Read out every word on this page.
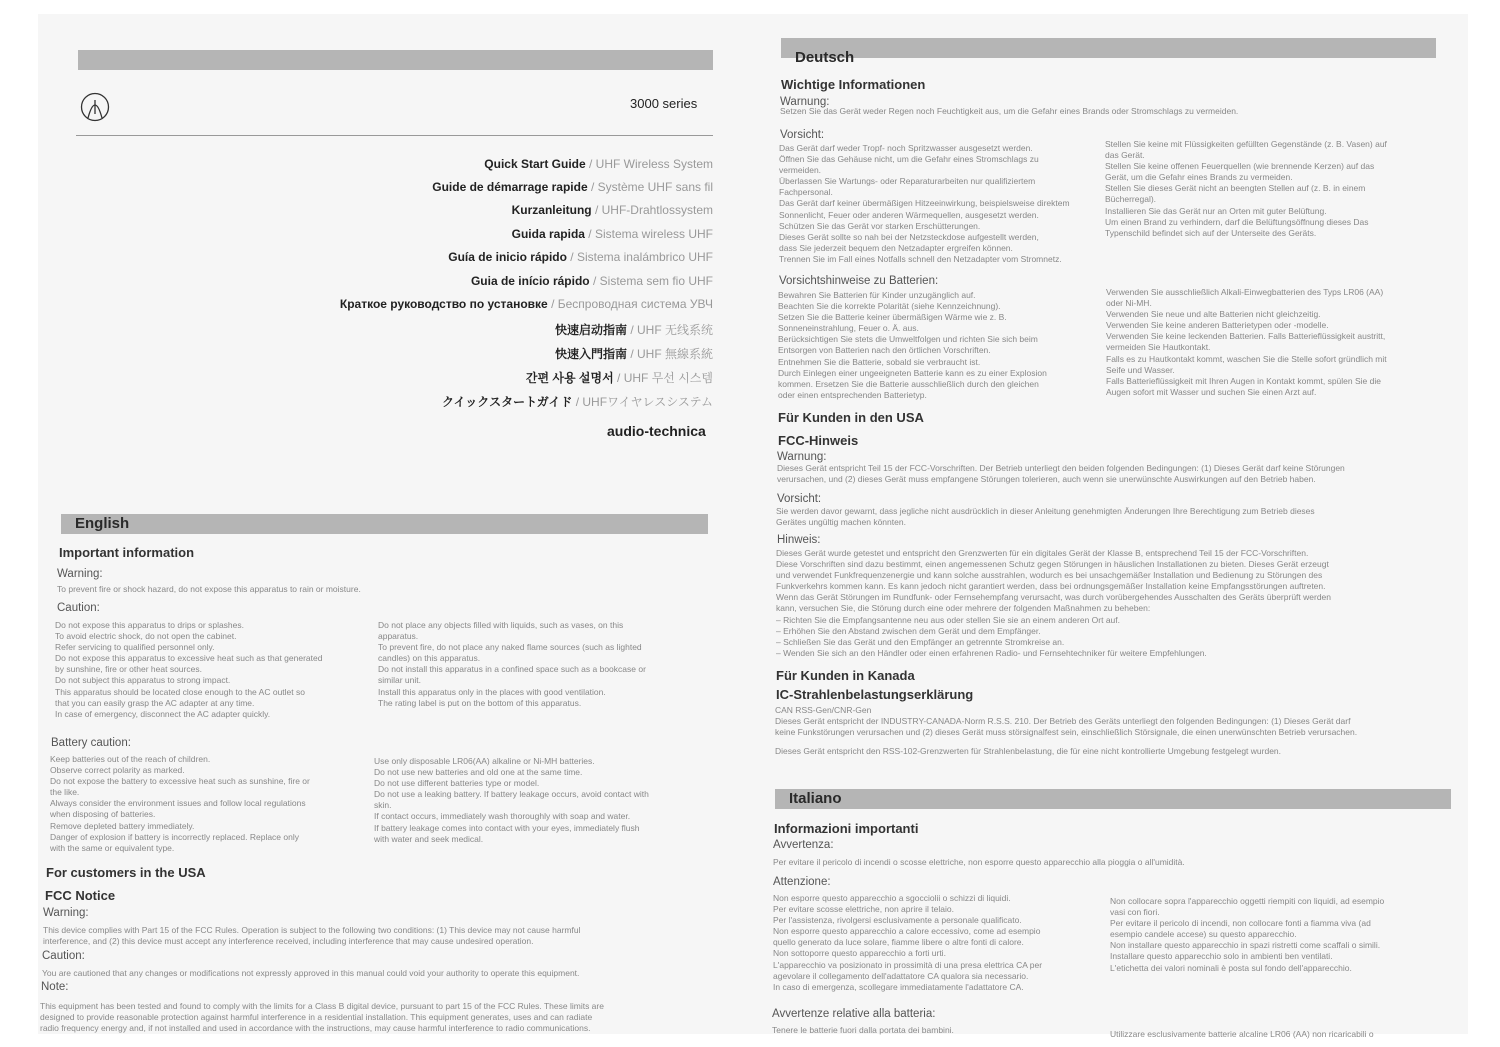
3000 series
Quick Start Guide / UHF Wireless System
Guide de démarrage rapide / Système UHF sans fil
Kurzanleitung / UHF-Drahtlossystem
Guida rapida / Sistema wireless UHF
Guía de inicio rápido / Sistema inalámbrico UHF
Guia de início rápido / Sistema sem fio UHF
Краткое руководство по установке / Беспроводная система УВЧ
快速启动指南 / UHF 无线系统
快速入門指南 / UHF 無線系統
간편 사용 설명서 / UHF 무선 시스템
クイックスタートガイド / UHFワイヤレスシステム
audio-technica
English
Important information
Warning:
To prevent fire or shock hazard, do not expose this apparatus to rain or moisture.
Caution:
Do not expose this apparatus to drips or splashes.
To avoid electric shock, do not open the cabinet.
Refer servicing to qualified personnel only.
Do not expose this apparatus to excessive heat such as that generated
by sunshine, fire or other heat sources.
Do not subject this apparatus to strong impact.
This apparatus should be located close enough to the AC outlet so
that you can easily grasp the AC adapter at any time.
In case of emergency, disconnect the AC adapter quickly.
Do not place any objects filled with liquids, such as vases, on this
apparatus.
To prevent fire, do not place any naked flame sources (such as lighted
candles) on this apparatus.
Do not install this apparatus in a confined space such as a bookcase or
similar unit.
Install this apparatus only in the places with good ventilation.
The rating label is put on the bottom of this apparatus.
Battery caution:
Keep batteries out of the reach of children.
Observe correct polarity as marked.
Do not expose the battery to excessive heat such as sunshine, fire or
the like.
Always consider the environment issues and follow local regulations
when disposing of batteries.
Remove depleted battery immediately.
Danger of explosion if battery is incorrectly replaced. Replace only
with the same or equivalent type.
Use only disposable LR06(AA) alkaline or Ni-MH batteries.
Do not use new batteries and old one at the same time.
Do not use different batteries type or model.
Do not use a leaking battery. If battery leakage occurs, avoid contact with
skin.
If contact occurs, immediately wash thoroughly with soap and water.
If battery leakage comes into contact with your eyes, immediately flush
with water and seek medical.
For customers in the USA
FCC Notice
Warning:
This device complies with Part 15 of the FCC Rules. Operation is subject to the following two conditions: (1) This device may not cause harmful
interference, and (2) this device must accept any interference received, including interference that may cause undesired operation.
Caution:
You are cautioned that any changes or modifications not expressly approved in this manual could void your authority to operate this equipment.
Note:
This equipment has been tested and found to comply with the limits for a Class B digital device, pursuant to part 15 of the FCC Rules. These limits are
designed to provide reasonable protection against harmful interference in a residential installation. This equipment generates, uses and can radiate
radio frequency energy and, if not installed and used in accordance with the instructions, may cause harmful interference to radio communications.
Deutsch
Wichtige Informationen
Warnung:
Setzen Sie das Gerät weder Regen noch Feuchtigkeit aus, um die Gefahr eines Brands oder Stromschlags zu vermeiden.
Vorsicht:
Das Gerät darf weder Tropf- noch Spritzwasser ausgesetzt werden.
Öffnen Sie das Gehäuse nicht, um die Gefahr eines Stromschlags zu
vermeiden.
Überlassen Sie Wartungs- oder Reparaturarbeiten nur qualifiziertem
Fachpersonal.
Das Gerät darf keiner übermäßigen Hitzeeinwirkung, beispielsweise direktem
Sonnenlicht, Feuer oder anderen Wärmequellen, ausgesetzt werden.
Schützen Sie das Gerät vor starken Erschütterungen.
Dieses Gerät sollte so nah bei der Netzsteckdose aufgestellt werden,
dass Sie jederzeit bequem den Netzadapter ergreifen können.
Trennen Sie im Fall eines Notfalls schnell den Netzadapter vom Stromnetz.
Stellen Sie keine mit Flüssigkeiten gefüllten Gegenstände (z. B. Vasen) auf
das Gerät.
Stellen Sie keine offenen Feuerquellen (wie brennende Kerzen) auf das
Gerät, um die Gefahr eines Brands zu vermeiden.
Stellen Sie dieses Gerät nicht an beengten Stellen auf (z. B. in einem
Bücherregal).
Installieren Sie das Gerät nur an Orten mit guter Belüftung.
Um einen Brand zu verhindern, darf die Belüftungsöffnung dieses Das
Typenschild befindet sich auf der Unterseite des Geräts.
Vorsichtshinweise zu Batterien:
Bewahren Sie Batterien für Kinder unzugänglich auf.
Beachten Sie die korrekte Polarität (siehe Kennzeichnung).
Setzen Sie die Batterie keiner übermäßigen Wärme wie z. B.
Sonneneinstrahlung, Feuer o. Ä. aus.
Berücksichtigen Sie stets die Umweltfolgen und richten Sie sich beim
Entsorgen von Batterien nach den örtlichen Vorschriften.
Entnehmen Sie die Batterie, sobald sie verbraucht ist.
Durch Einlegen einer ungeeigneten Batterie kann es zu einer Explosion
kommen. Ersetzen Sie die Batterie ausschließlich durch den gleichen
oder einen entsprechenden Batterietyp.
Verwenden Sie ausschließlich Alkali-Einwegbatterien des Typs LR06 (AA)
oder Ni-MH.
Verwenden Sie neue und alte Batterien nicht gleichzeitig.
Verwenden Sie keine anderen Batterietypen oder -modelle.
Verwenden Sie keine leckenden Batterien. Falls Batterieflüssigkeit austritt,
vermeiden Sie Hautkontakt.
Falls es zu Hautkontakt kommt, waschen Sie die Stelle sofort gründlich mit
Seife und Wasser.
Falls Batterieflüssigkeit mit Ihren Augen in Kontakt kommt, spülen Sie die
Augen sofort mit Wasser und suchen Sie einen Arzt auf.
Für Kunden in den USA
FCC-Hinweis
Warnung:
Dieses Gerät entspricht Teil 15 der FCC-Vorschriften. Der Betrieb unterliegt den beiden folgenden Bedingungen: (1) Dieses Gerät darf keine Störungen
verursachen, und (2) dieses Gerät muss empfangene Störungen tolerieren, auch wenn sie unerwünschte Auswirkungen auf den Betrieb haben.
Vorsicht:
Sie werden davor gewarnt, dass jegliche nicht ausdrücklich in dieser Anleitung genehmigten Änderungen Ihre Berechtigung zum Betrieb dieses
Gerätes ungültig machen könnten.
Hinweis:
Dieses Gerät wurde getestet und entspricht den Grenzwerten für ein digitales Gerät der Klasse B, entsprechend Teil 15 der FCC-Vorschriften.
Diese Vorschriften sind dazu bestimmt, einen angemessenen Schutz gegen Störungen in häuslichen Installationen zu bieten. Dieses Gerät erzeugt
und verwendet Funkfrequenzenergie und kann solche ausstrahlen, wodurch es bei unsachgemäßer Installation und Bedienung zu Störungen des
Funkverkehrs kommen kann. Es kann jedoch nicht garantiert werden, dass bei ordnungsgemäßer Installation keine Empfangsstörungen auftreten.
Wenn das Gerät Störungen im Rundfunk- oder Fernsehempfang verursacht, was durch vorübergehendes Ausschalten des Geräts überprüft werden
kann, versuchen Sie, die Störung durch eine oder mehrere der folgenden Maßnahmen zu beheben:
– Richten Sie die Empfangsantenne neu aus oder stellen Sie sie an einem anderen Ort auf.
– Erhöhen Sie den Abstand zwischen dem Gerät und dem Empfänger.
– Schließen Sie das Gerät und den Empfänger an getrennte Stromkreise an.
– Wenden Sie sich an den Händler oder einen erfahrenen Radio- und Fernsehtechniker für weitere Empfehlungen.
Für Kunden in Kanada
IC-Strahlenbelastungserklärung
CAN RSS-Gen/CNR-Gen
Dieses Gerät entspricht der INDUSTRY-CANADA-Norm R.S.S. 210. Der Betrieb des Geräts unterliegt den folgenden Bedingungen: (1) Dieses Gerät darf
keine Funkstörungen verursachen und (2) dieses Gerät muss störsignalfest sein, einschließlich Störsignale, die einen unerwünschten Betrieb verursachen.
Dieses Gerät entspricht den RSS-102-Grenzwerten für Strahlenbelastung, die für eine nicht kontrollierte Umgebung festgelegt wurden.
Italiano
Informazioni importanti
Avvertenza:
Per evitare il pericolo di incendi o scosse elettriche, non esporre questo apparecchio alla pioggia o all'umidità.
Attenzione:
Non esporre questo apparecchio a sgocciolii o schizzi di liquidi.
Per evitare scosse elettriche, non aprire il telaio.
Per l'assistenza, rivolgersi esclusivamente a personale qualificato.
Non esporre questo apparecchio a calore eccessivo, come ad esempio
quello generato da luce solare, fiamme libere o altre fonti di calore.
Non sottoporre questo apparecchio a forti urti.
L'apparecchio va posizionato in prossimità di una presa elettrica CA per
agevolare il collegamento dell'adattatore CA qualora sia necessario.
In caso di emergenza, scollegare immediatamente l'adattatore CA.
Non collocare sopra l'apparecchio oggetti riempiti con liquidi, ad esempio
vasi con fiori.
Per evitare il pericolo di incendi, non collocare fonti a fiamma viva (ad
esempio candele accese) su questo apparecchio.
Non installare questo apparecchio in spazi ristretti come scaffali o simili.
Installare questo apparecchio solo in ambienti ben ventilati.
L'etichetta dei valori nominali è posta sul fondo dell'apparecchio.
Avvertenze relative alla batteria:
Tenere le batterie fuori dalla portata dei bambini.	Utilizzare esclusivamente batterie alcaline LR06 (AA) non ricaricabili o
